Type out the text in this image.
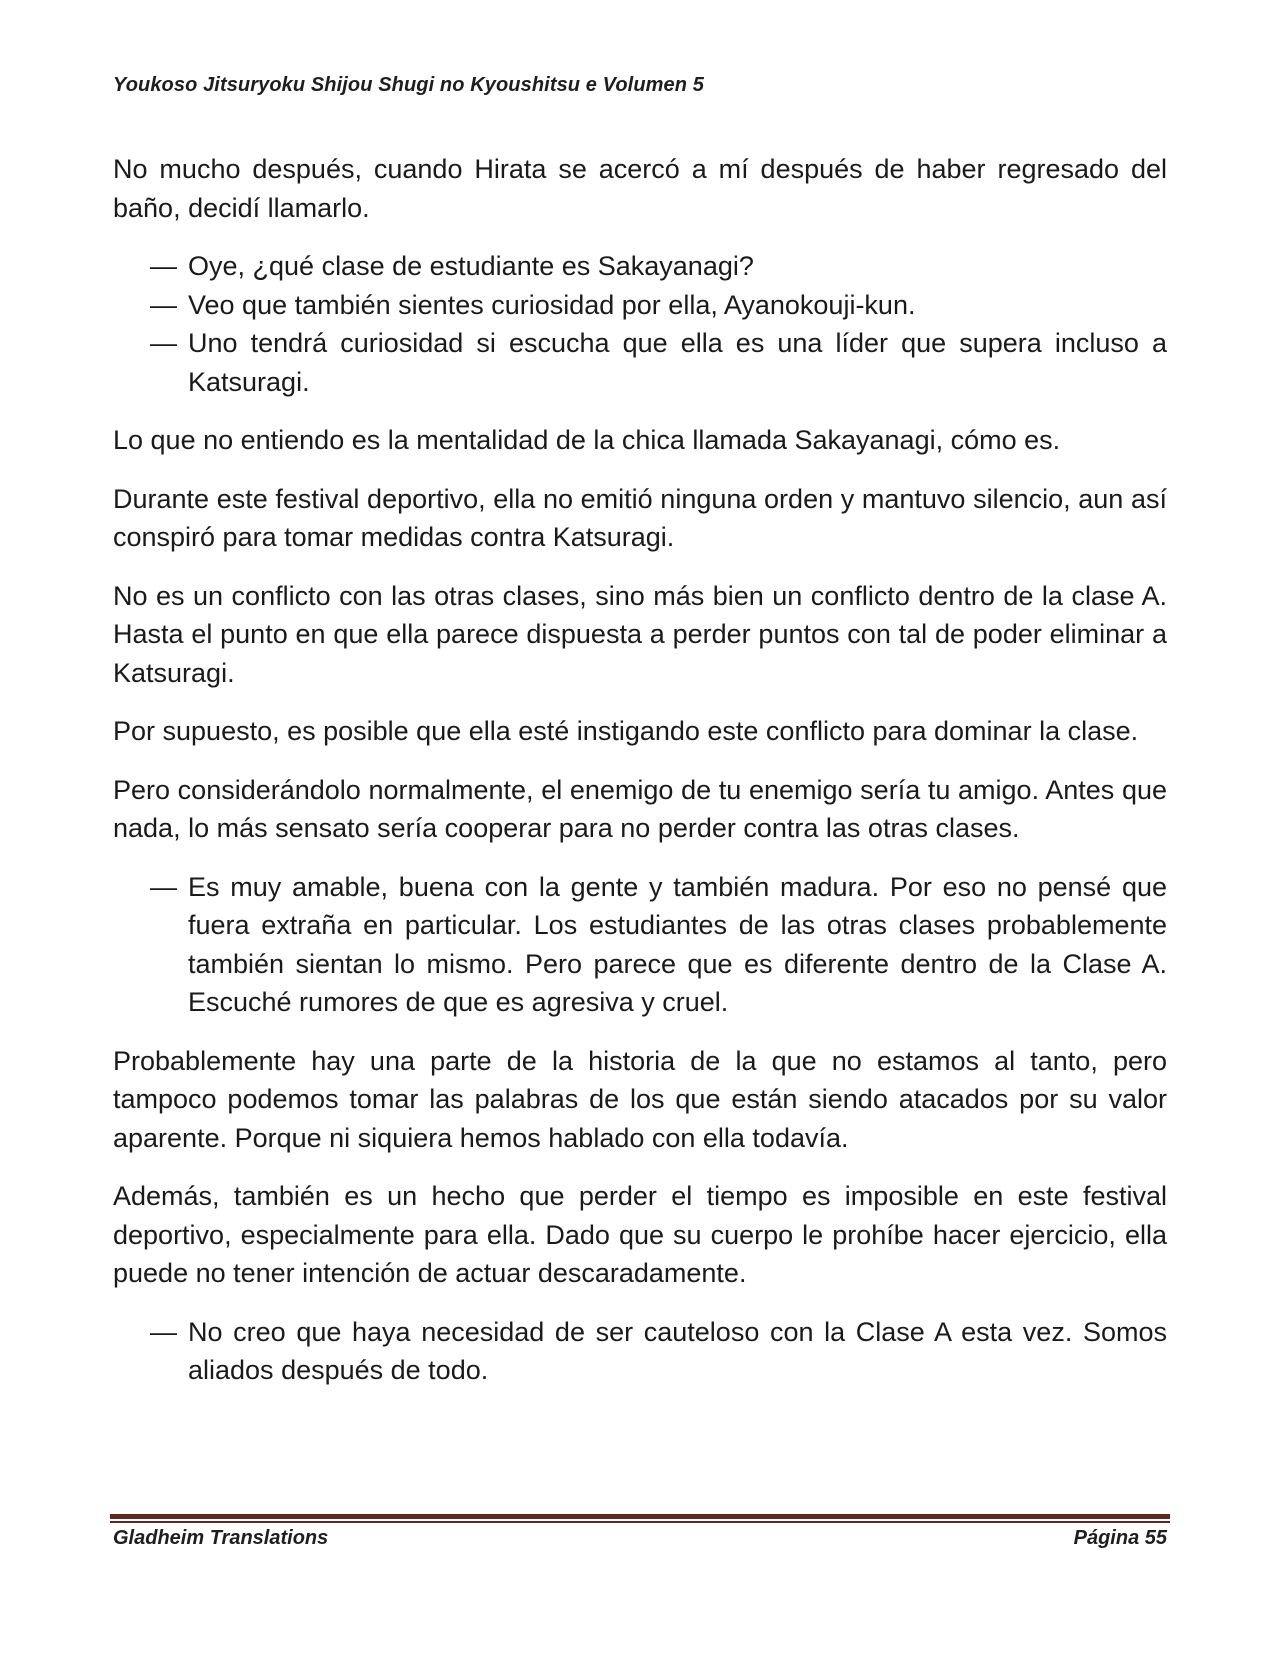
Youkoso Jitsuryoku Shijou Shugi no Kyoushitsu e Volumen 5

No mucho después, cuando Hirata se acercó a mí después de haber regresado del baño, decidí llamarlo.

— Oye, ¿qué clase de estudiante es Sakayanagi?
— Veo que también sientes curiosidad por ella, Ayanokouji-kun.
— Uno tendrá curiosidad si escucha que ella es una líder que supera incluso a Katsuragi.

Lo que no entiendo es la mentalidad de la chica llamada Sakayanagi, cómo es.

Durante este festival deportivo, ella no emitió ninguna orden y mantuvo silencio, aun así conspiró para tomar medidas contra Katsuragi.

No es un conflicto con las otras clases, sino más bien un conflicto dentro de la clase A. Hasta el punto en que ella parece dispuesta a perder puntos con tal de poder eliminar a Katsuragi.

Por supuesto, es posible que ella esté instigando este conflicto para dominar la clase.

Pero considerándolo normalmente, el enemigo de tu enemigo sería tu amigo. Antes que nada, lo más sensato sería cooperar para no perder contra las otras clases.

— Es muy amable, buena con la gente y también madura. Por eso no pensé que fuera extraña en particular. Los estudiantes de las otras clases probablemente también sientan lo mismo. Pero parece que es diferente dentro de la Clase A. Escuché rumores de que es agresiva y cruel.

Probablemente hay una parte de la historia de la que no estamos al tanto, pero tampoco podemos tomar las palabras de los que están siendo atacados por su valor aparente. Porque ni siquiera hemos hablado con ella todavía.

Además, también es un hecho que perder el tiempo es imposible en este festival deportivo, especialmente para ella. Dado que su cuerpo le prohíbe hacer ejercicio, ella puede no tener intención de actuar descaradamente.

— No creo que haya necesidad de ser cauteloso con la Clase A esta vez. Somos aliados después de todo.
Gladheim Translations	Página 55
